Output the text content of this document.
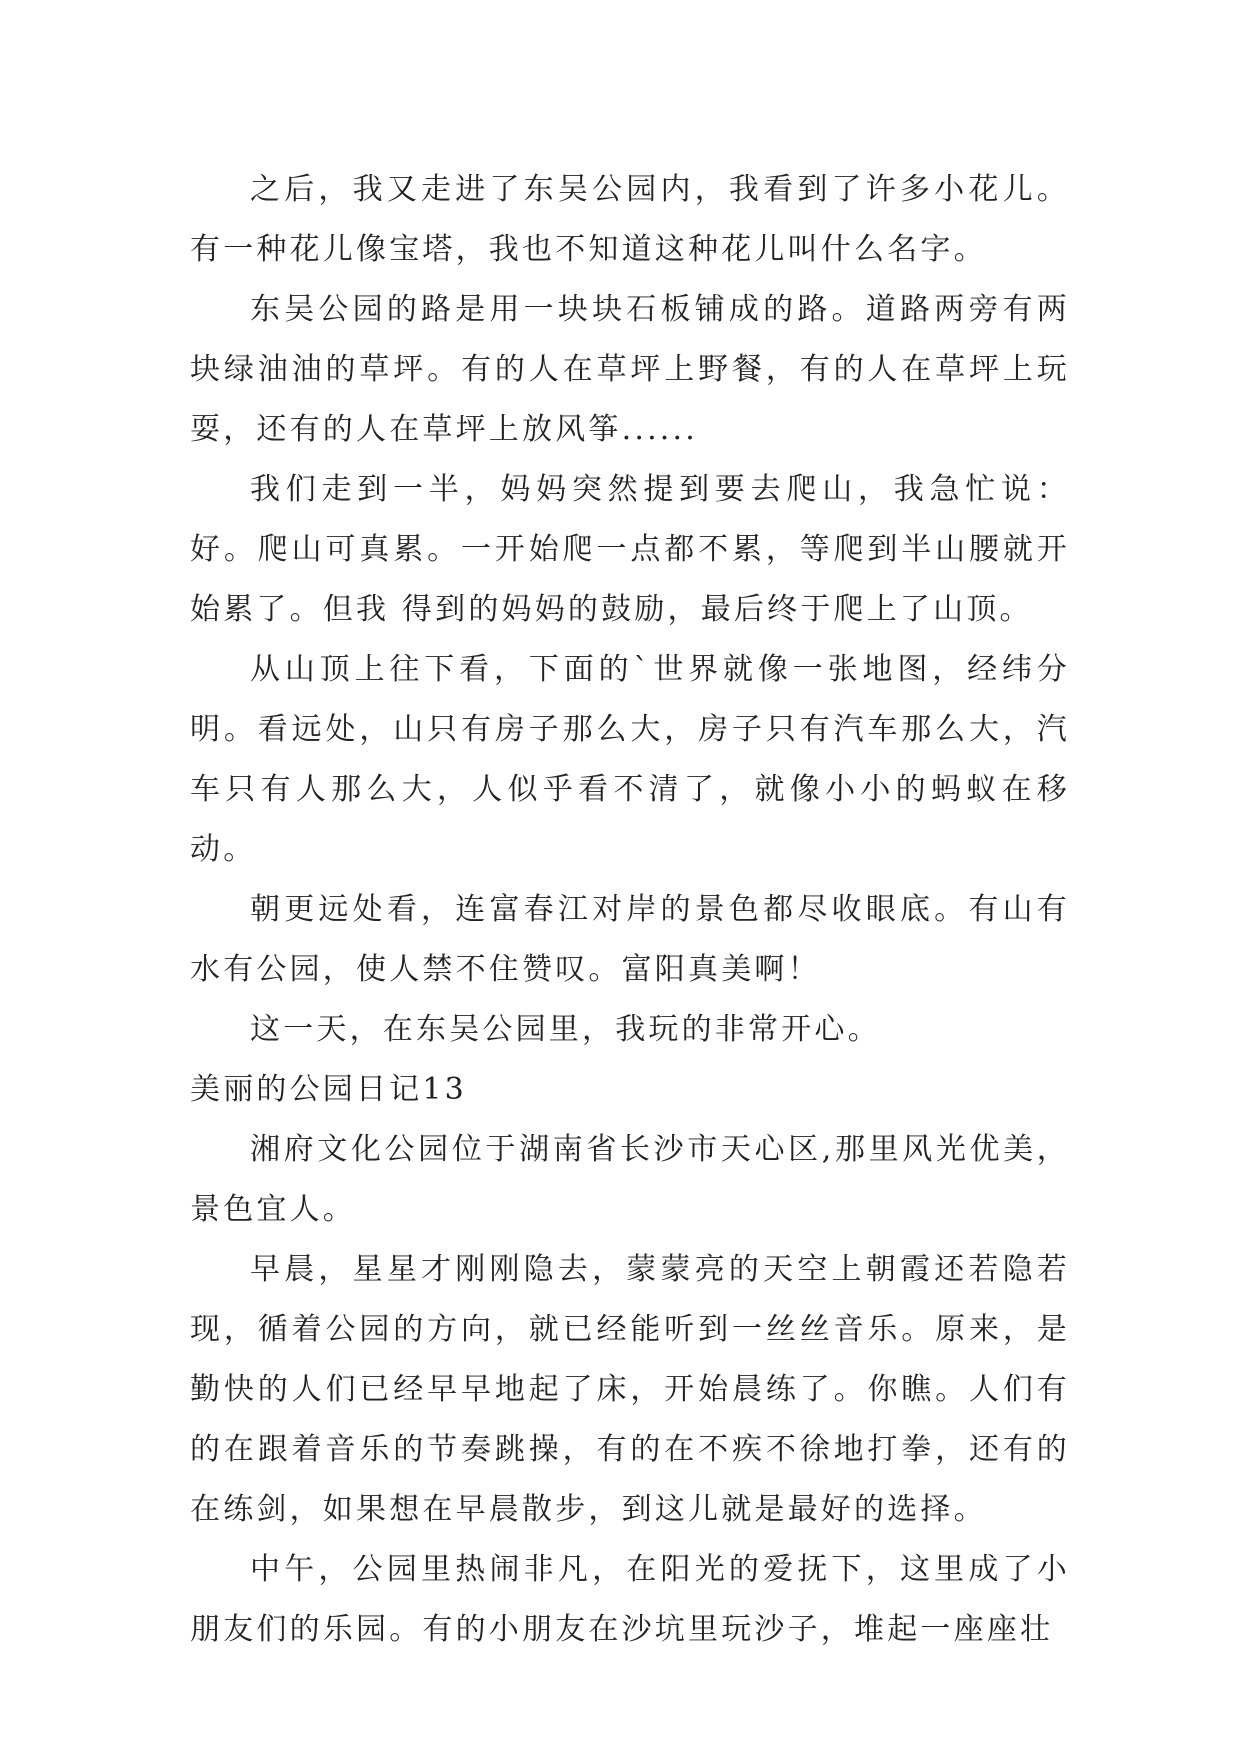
之后，我又走进了东吴公园内，我看到了许多小花儿。有一种花儿像宝塔，我也不知道这种花儿叫什么名字。

东吴公园的路是用一块块石板铺成的路。道路两旁有两块绿油油的草坪。有的人在草坪上野餐，有的人在草坪上玩耍，还有的人在草坪上放风筝......

我们走到一半，妈妈突然提到要去爬山，我急忙说：好。爬山可真累。一开始爬一点都不累，等爬到半山腰就开始累了。但我 得到的妈妈的鼓励，最后终于爬上了山顶。

从山顶上往下看，下面的`世界就像一张地图，经纬分明。看远处，山只有房子那么大，房子只有汽车那么大，汽车只有人那么大，人似乎看不清了，就像小小的蚂蚁在移动。

朝更远处看，连富春江对岸的景色都尽收眼底。有山有水有公园，使人禁不住赞叹。富阳真美啊！

这一天，在东吴公园里，我玩的非常开心。

美丽的公园日记13

湘府文化公园位于湖南省长沙市天心区,那里风光优美，景色宜人。

早晨，星星才刚刚隐去，蒙蒙亮的天空上朝霞还若隐若现，循着公园的方向，就已经能听到一丝丝音乐。原来，是勤快的人们已经早早地起了床，开始晨练了。你瞧。人们有的在跟着音乐的节奏跳操，有的在不疾不徐地打拳，还有的在练剑，如果想在早晨散步，到这儿就是最好的选择。

中午，公园里热闹非凡，在阳光的爱抚下，这里成了小朋友们的乐园。有的小朋友在沙坑里玩沙子，堆起一座座壮
